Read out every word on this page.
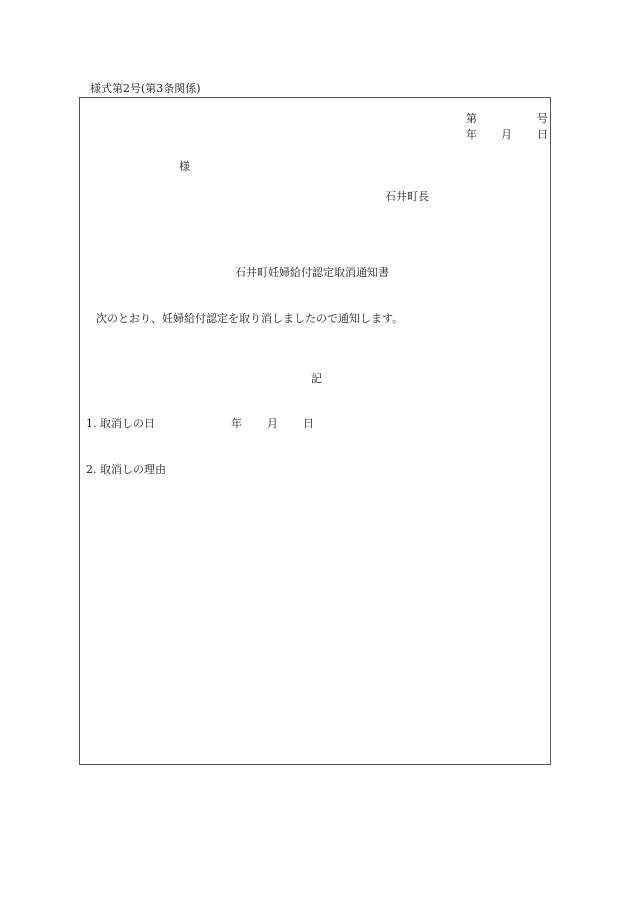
様式第2号(第3条関係)
第	号
年 月 日
様
石井町長
石井町妊婦給付認定取消通知書
次のとおり、妊婦給付認定を取り消しましたので通知します。
記
1. 取消しの日	年 月 日
2. 取消しの理由
